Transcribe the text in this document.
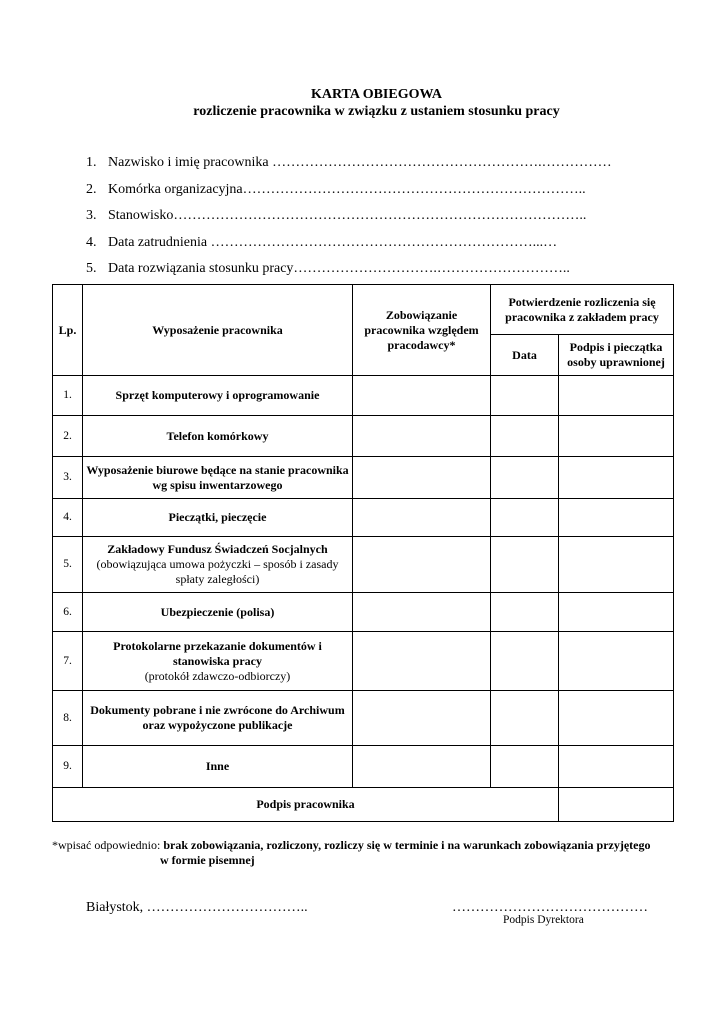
KARTA OBIEGOWA
rozliczenie pracownika w związku z ustaniem stosunku pracy
1. Nazwisko i imię pracownika ………………………………………………….……………
2. Komórka organizacyjna………………………………………………………………..
3. Stanowisko……………………………………………………………………………..
4. Data zatrudnienia ……………………………………………………………...…
5. Data rozwiązania stosunku pracy………………………….………………………..
Lp.	Wyposażenie pracownika	Zobowiązanie pracownika względem pracodawcy*	Potwierdzenie rozliczenia się pracownika z zakładem pracy	
			Data	Podpis i pieczątka osoby uprawnionej
1.	Sprzęt komputerowy i oprogramowanie			
2.	Telefon komórkowy			
3.	Wyposażenie biurowe będące na stanie pracownika wg spisu inwentarzowego			
4.	Pieczątki, pieczęcie			
5.	Zakładowy Fundusz Świadczeń Socjalnych
(obowiązująca umowa pożyczki – sposób i zasady spłaty zaległości)			

6.	Ubezpieczenie (polisa)			
7.	Protokolarne przekazanie dokumentów i stanowiska pracy
(protokół zdawczo-odbiorczy)			

8.	Dokumenty pobrane i nie zwrócone do Archiwum oraz wypożyczone publikacje			
9.	Inne			
Podpis pracownika				
*wpisać odpowiednio: brak zobowiązania, rozliczony, rozliczy się w terminie i na warunkach zobowiązania przyjętego
w formie pisemnej
Białystok, ……………………………..	……………………………………
Podpis Dyrektora
